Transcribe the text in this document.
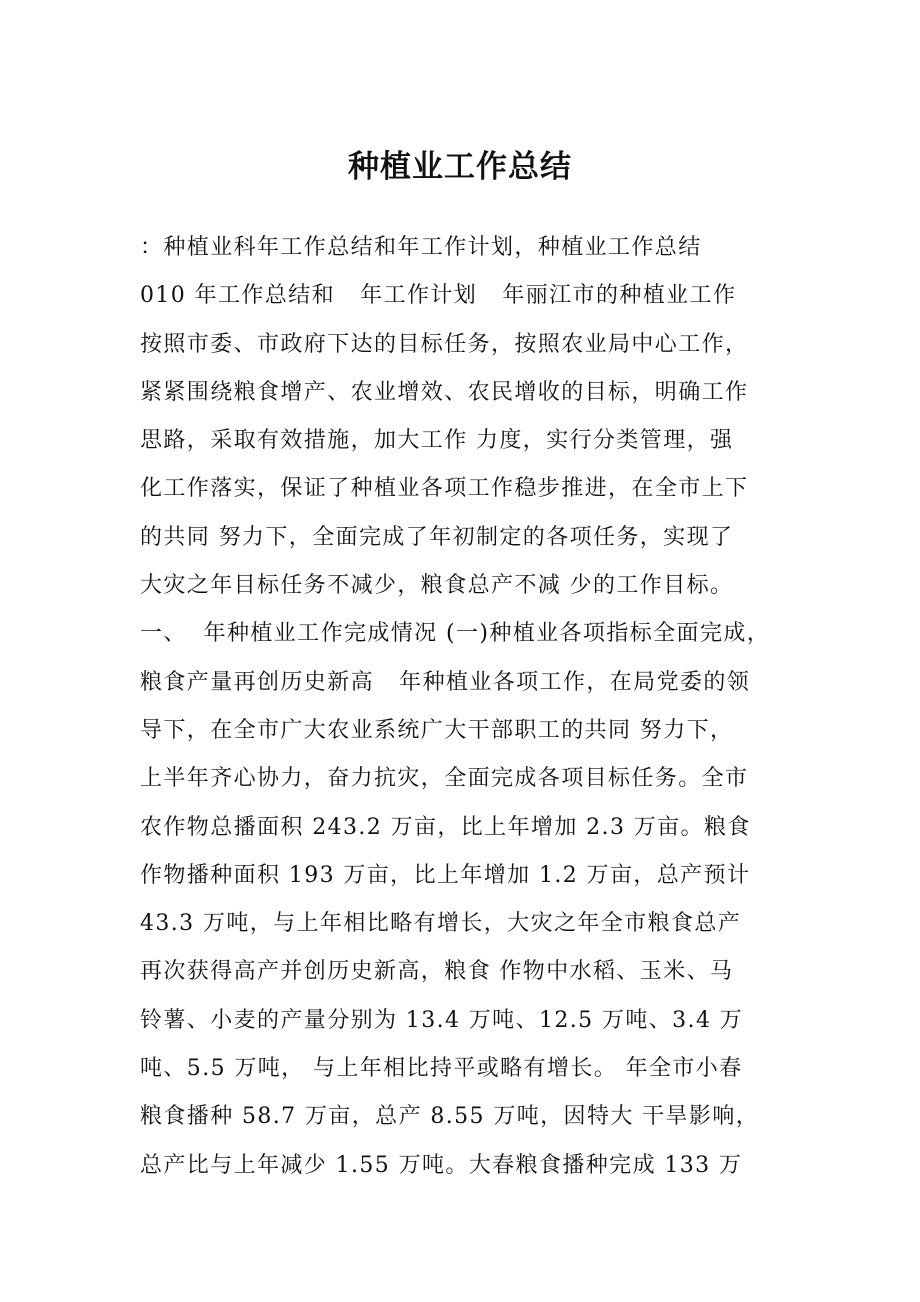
种植业工作总结
：种植业科年工作总结和年工作计划，种植业工作总结
010 年工作总结和   年工作计划   年丽江市的种植业工作
按照市委、市政府下达的目标任务，按照农业局中心工作，
紧紧围绕粮食增产、农业增效、农民增收的目标，明确工作
思路，采取有效措施，加大工作 力度，实行分类管理，强
化工作落实，保证了种植业各项工作稳步推进，在全市上下
的共同 努力下，全面完成了年初制定的各项任务，实现了
大灾之年目标任务不减少，粮食总产不减 少的工作目标。
一、  年种植业工作完成情况 (一)种植业各项指标全面完成，
粮食产量再创历史新高   年种植业各项工作，在局党委的领
导下，在全市广大农业系统广大干部职工的共同 努力下，
上半年齐心协力，奋力抗灾，全面完成各项目标任务。全市
农作物总播面积 243.2 万亩，比上年增加 2.3 万亩。粮食
作物播种面积 193 万亩，比上年增加 1.2 万亩，总产预计
43.3 万吨，与上年相比略有增长，大灾之年全市粮食总产
再次获得高产并创历史新高，粮食 作物中水稻、玉米、马
铃薯、小麦的产量分别为 13.4 万吨、12.5 万吨、3.4 万
吨、5.5 万吨， 与上年相比持平或略有增长。 年全市小春
粮食播种 58.7 万亩，总产 8.55 万吨，因特大 干旱影响，
总产比与上年减少 1.55 万吨。大春粮食播种完成 133 万
